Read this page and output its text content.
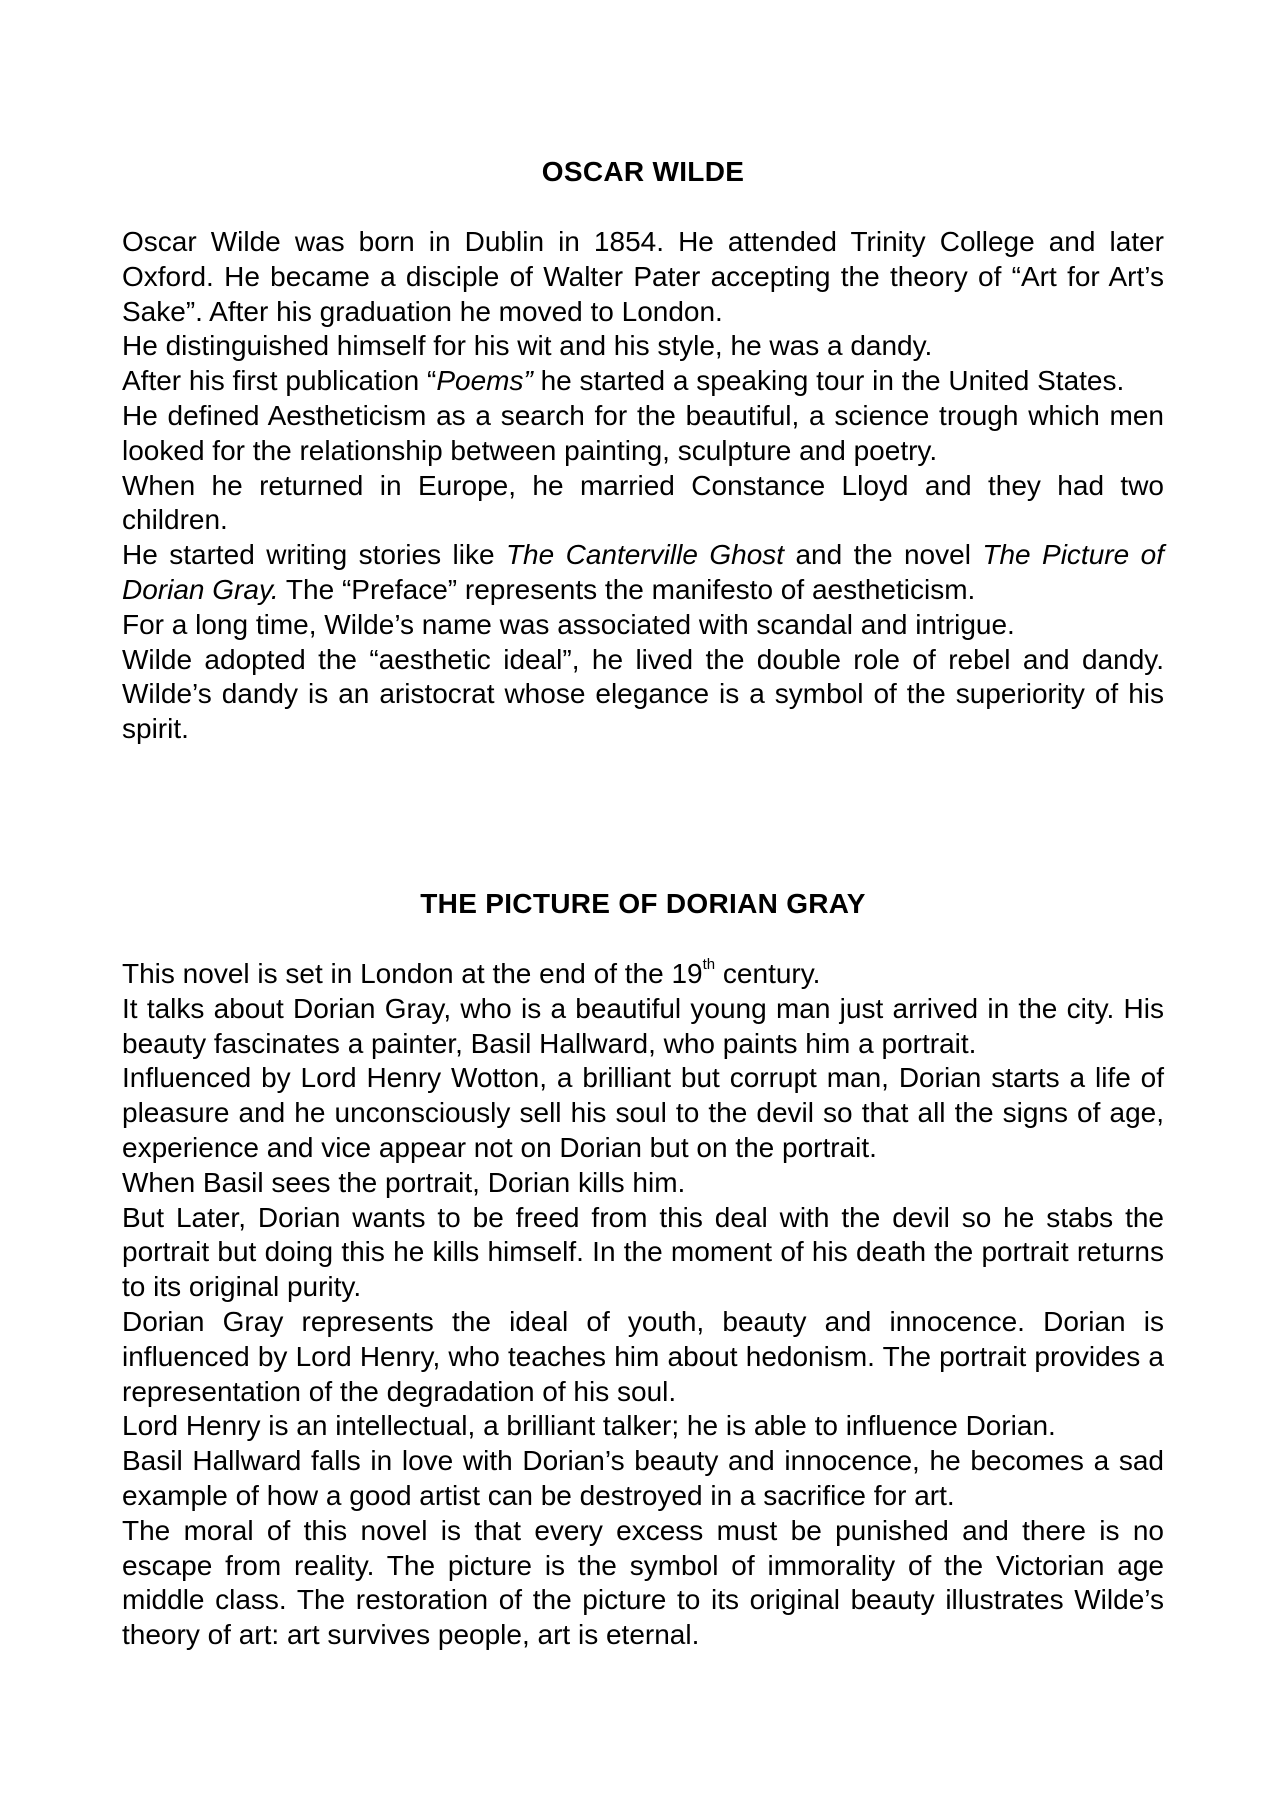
OSCAR WILDE

Oscar Wilde was born in Dublin in 1854. He attended Trinity College and later Oxford. He became a disciple of Walter Pater accepting the theory of “Art for Art’s Sake”. After his graduation he moved to London.

He distinguished himself for his wit and his style, he was a dandy.

After his first publication “Poems” he started a speaking tour in the United States.

He defined Aestheticism as a search for the beautiful, a science trough which men looked for the relationship between painting, sculpture and poetry.

When he returned in Europe, he married Constance Lloyd and they had two children.

He started writing stories like The Canterville Ghost and the novel The Picture of Dorian Gray. The “Preface” represents the manifesto of aestheticism.

For a long time, Wilde’s name was associated with scandal and intrigue.

Wilde adopted the “aesthetic ideal”, he lived the double role of rebel and dandy. Wilde’s dandy is an aristocrat whose elegance is a symbol of the superiority of his spirit.

THE PICTURE OF DORIAN GRAY

This novel is set in London at the end of the 19th century.

It talks about Dorian Gray, who is a beautiful young man just arrived in the city. His beauty fascinates a painter, Basil Hallward, who paints him a portrait.

Influenced by Lord Henry Wotton, a brilliant but corrupt man, Dorian starts a life of pleasure and he unconsciously sell his soul to the devil so that all the signs of age, experience and vice appear not on Dorian but on the portrait.

When Basil sees the portrait, Dorian kills him.

But Later, Dorian wants to be freed from this deal with the devil so he stabs the portrait but doing this he kills himself. In the moment of his death the portrait returns to its original purity.

Dorian Gray represents the ideal of youth, beauty and innocence. Dorian is influenced by Lord Henry, who teaches him about hedonism. The portrait provides a representation of the degradation of his soul.

Lord Henry is an intellectual, a brilliant talker; he is able to influence Dorian.

Basil Hallward falls in love with Dorian’s beauty and innocence, he becomes a sad example of how a good artist can be destroyed in a sacrifice for art.

The moral of this novel is that every excess must be punished and there is no escape from reality. The picture is the symbol of immorality of the Victorian age middle class. The restoration of the picture to its original beauty illustrates Wilde’s theory of art: art survives people, art is eternal.
